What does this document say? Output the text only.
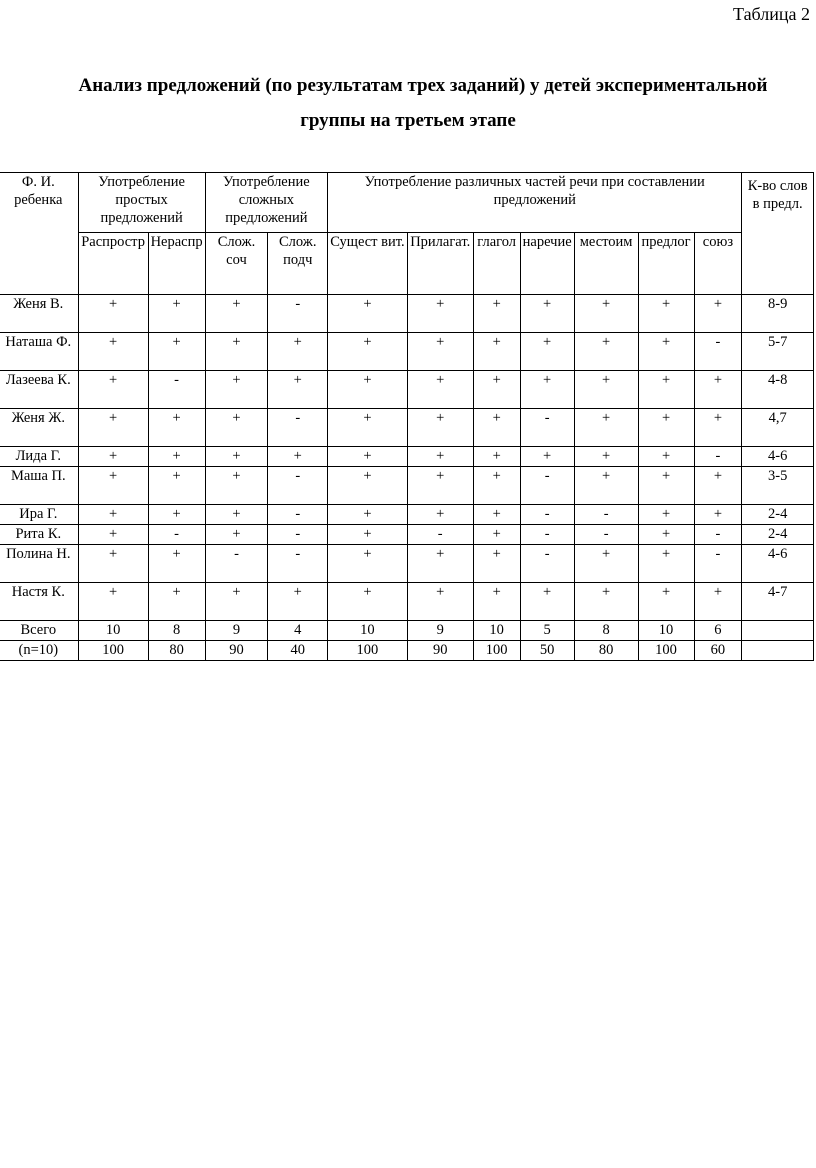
Таблица 2
Анализ предложений (по результатам трех заданий) у детей экспериментальной
группы на третьем этапе
Ф. И. ребенка	Употребление простых предложений		Употребление сложных предложений		Употребление различных частей речи при составлении предложений							К-во слов в предл.
	Распростр	Нераспр	Слож. соч	Слож. подч	Сущест вит.	Прилагат.	глагол	наречие	местоим	предлог	союз	
Женя В.	+	+	+	-	+	+	+	+	+	+	+	8-9
Наташа Ф.	+	+	+	+	+	+	+	+	+	+	-	5-7
Лазеева К.	+	-	+	+	+	+	+	+	+	+	+	4-8
Женя Ж.	+	+	+	-	+	+	+	-	+	+	+	4,7
Лида Г.	+	+	+	+	+	+	+	+	+	+	-	4-6
Маша П.	+	+	+	-	+	+	+	-	+	+	+	3-5
Ира Г.	+	+	+	-	+	+	+	-	-	+	+	2-4
Рита К.	+	-	+	-	+	-	+	-	-	+	-	2-4
Полина Н.	+	+	-	-	+	+	+	-	+	+	-	4-6
Настя К.	+	+	+	+	+	+	+	+	+	+	+	4-7
Всего	10	8	9	4	10	9	10	5	8	10	6	
(n=10)	100	80	90	40	100	90	100	50	80	100	60	
